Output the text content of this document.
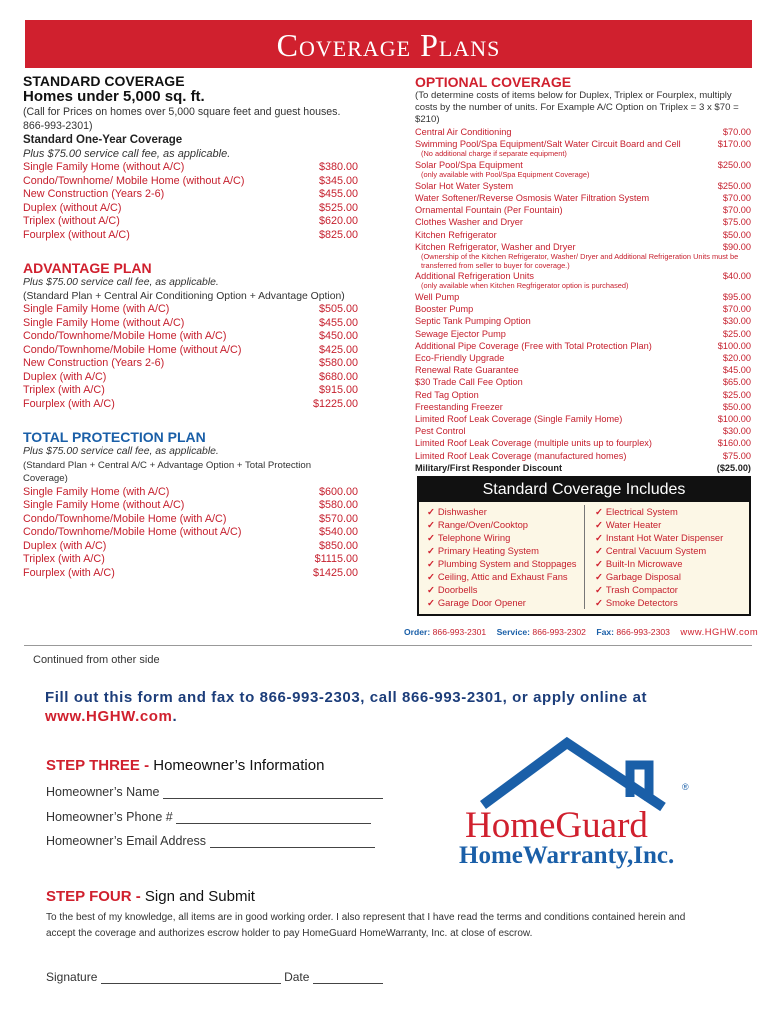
Coverage Plans
STANDARD COVERAGE
Homes under 5,000 sq. ft.
(Call for Prices on homes over 5,000 square feet and guest houses. 866-993-2301)
Standard One-Year Coverage
Plus $75.00 service call fee, as applicable.
Single Family Home (without A/C)	$380.00
Condo/Townhome/ Mobile Home (without A/C)	$345.00
New Construction (Years 2-6)	$455.00
Duplex (without A/C)	$525.00
Triplex (without A/C)	$620.00
Fourplex (without A/C)	$825.00
ADVANTAGE PLAN
Plus $75.00 service call fee, as applicable.
(Standard Plan + Central Air Conditioning Option + Advantage Option)
Single Family Home (with A/C)	$505.00
Single Family Home (without A/C)	$455.00
Condo/Townhome/Mobile Home (with A/C)	$450.00
Condo/Townhome/Mobile Home (without A/C)	$425.00
New Construction (Years 2-6)	$580.00
Duplex (with A/C)	$680.00
Triplex (with A/C)	$915.00
Fourplex (with A/C)	$1225.00
TOTAL PROTECTION PLAN
Plus $75.00 service call fee, as applicable.
(Standard Plan + Central A/C + Advantage Option + Total Protection Coverage)
Single Family Home (with A/C)	$600.00
Single Family Home (without A/C)	$580.00
Condo/Townhome/Mobile Home (with A/C)	$570.00
Condo/Townhome/Mobile Home (without A/C)	$540.00
Duplex (with A/C)	$850.00
Triplex (with A/C)	$1115.00
Fourplex (with A/C)	$1425.00
OPTIONAL COVERAGE
(To determine costs of items below for Duplex, Triplex or Fourplex, multiply costs by the number of units. For Example A/C Option on Triplex = 3 x $70 = $210)
Central Air Conditioning	$70.00
Swimming Pool/Spa Equipment/Salt Water Circuit Board and Cell	$170.00
(No additional charge if separate equipment)
Solar Pool/Spa Equipment	$250.00
(only available with Pool/Spa Equipment Coverage)
Solar Hot Water System	$250.00
Water Softener/Reverse Osmosis Water Filtration System	$70.00
Ornamental Fountain (Per Fountain)	$70.00
Clothes Washer and Dryer	$75.00
Kitchen Refrigerator	$50.00
Kitchen Refrigerator, Washer and Dryer	$90.00
(Ownership of the Kitchen Refrigerator, Washer/ Dryer and Additional Refrigeration Units must be transferred from seller to buyer for coverage.)
Additional Refrigeration Units	$40.00
(only available when Kitchen Regfrigerator option is purchased)
Well Pump	$95.00
Booster Pump	$70.00
Septic Tank Pumping Option	$30.00
Sewage Ejector Pump	$25.00
Additional Pipe Coverage (Free with Total Protection Plan)	$100.00
Eco-Friendly Upgrade	$20.00
Renewal Rate Guarantee	$45.00
$30 Trade Call Fee Option	$65.00
Red Tag Option	$25.00
Freestanding Freezer	$50.00
Limited Roof Leak Coverage (Single Family Home)	$100.00
Pest Control	$30.00
Limited Roof Leak Coverage (multiple units up to fourplex)	$160.00
Limited Roof Leak Coverage (manufactured homes)	$75.00
Military/First Responder Discount	($25.00)
Standard Coverage Includes
✓ Dishwasher
✓ Range/Oven/Cooktop
✓ Telephone Wiring
✓ Primary Heating System
✓ Plumbing System and Stoppages
✓ Ceiling, Attic and Exhaust Fans
✓ Doorbells
✓ Garage Door Opener
✓ Electrical System
✓ Water Heater
✓ Instant Hot Water Dispenser
✓ Central Vacuum System
✓ Built-In Microwave
✓ Garbage Disposal
✓ Trash Compactor
✓ Smoke Detectors
Order: 866-993-2301 Service: 866-993-2302 Fax: 866-993-2303 www.HGHW.com
Continued from other side
Fill out this form and fax to 866-993-2303, call 866-993-2301, or apply online at
www.HGHW.com.
STEP THREE - Homeowner’s Information
Homeowner’s Name
Homeowner’s Phone #
Homeowner’s Email Address
®
HomeGuard
HomeWarranty,Inc.
STEP FOUR - Sign and Submit
To the best of my knowledge, all items are in good working order. I also represent that I have read the terms and conditions contained herein and accept the coverage and authorizes escrow holder to pay HomeGuard HomeWarranty, Inc. at close of escrow.
Signature	Date
